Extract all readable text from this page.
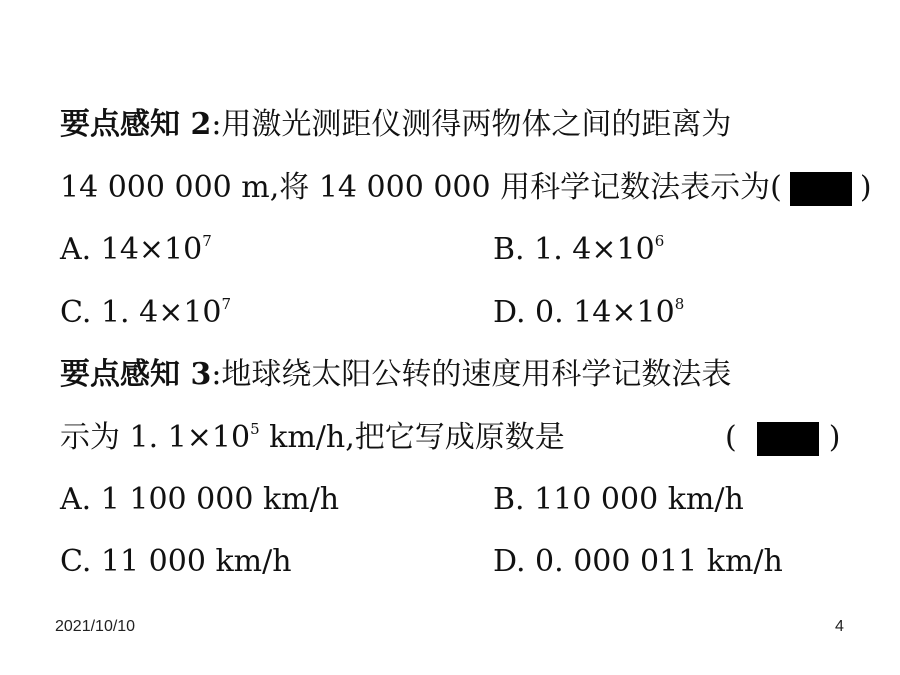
要点感知 2:用激光测距仪测得两物体之间的距离为
14 000 000 m,将 14 000 000 用科学记数法表示为(	)
A. $14\times 10^7$	B. 1. $4\times 10^6$
C. 1. $4\times 10^7$	D. 0. $14\times 10^8$
要点感知 3:地球绕太阳公转的速度用科学记数法表
示为 1. $1\times 10^5$ km/h,把它写成原数是	(	)
A. 1 100 000 km/h	B. 110 000 km/h
C. 11 000 km/h	D. 0. 000 011 km/h
2021/10/10	4
